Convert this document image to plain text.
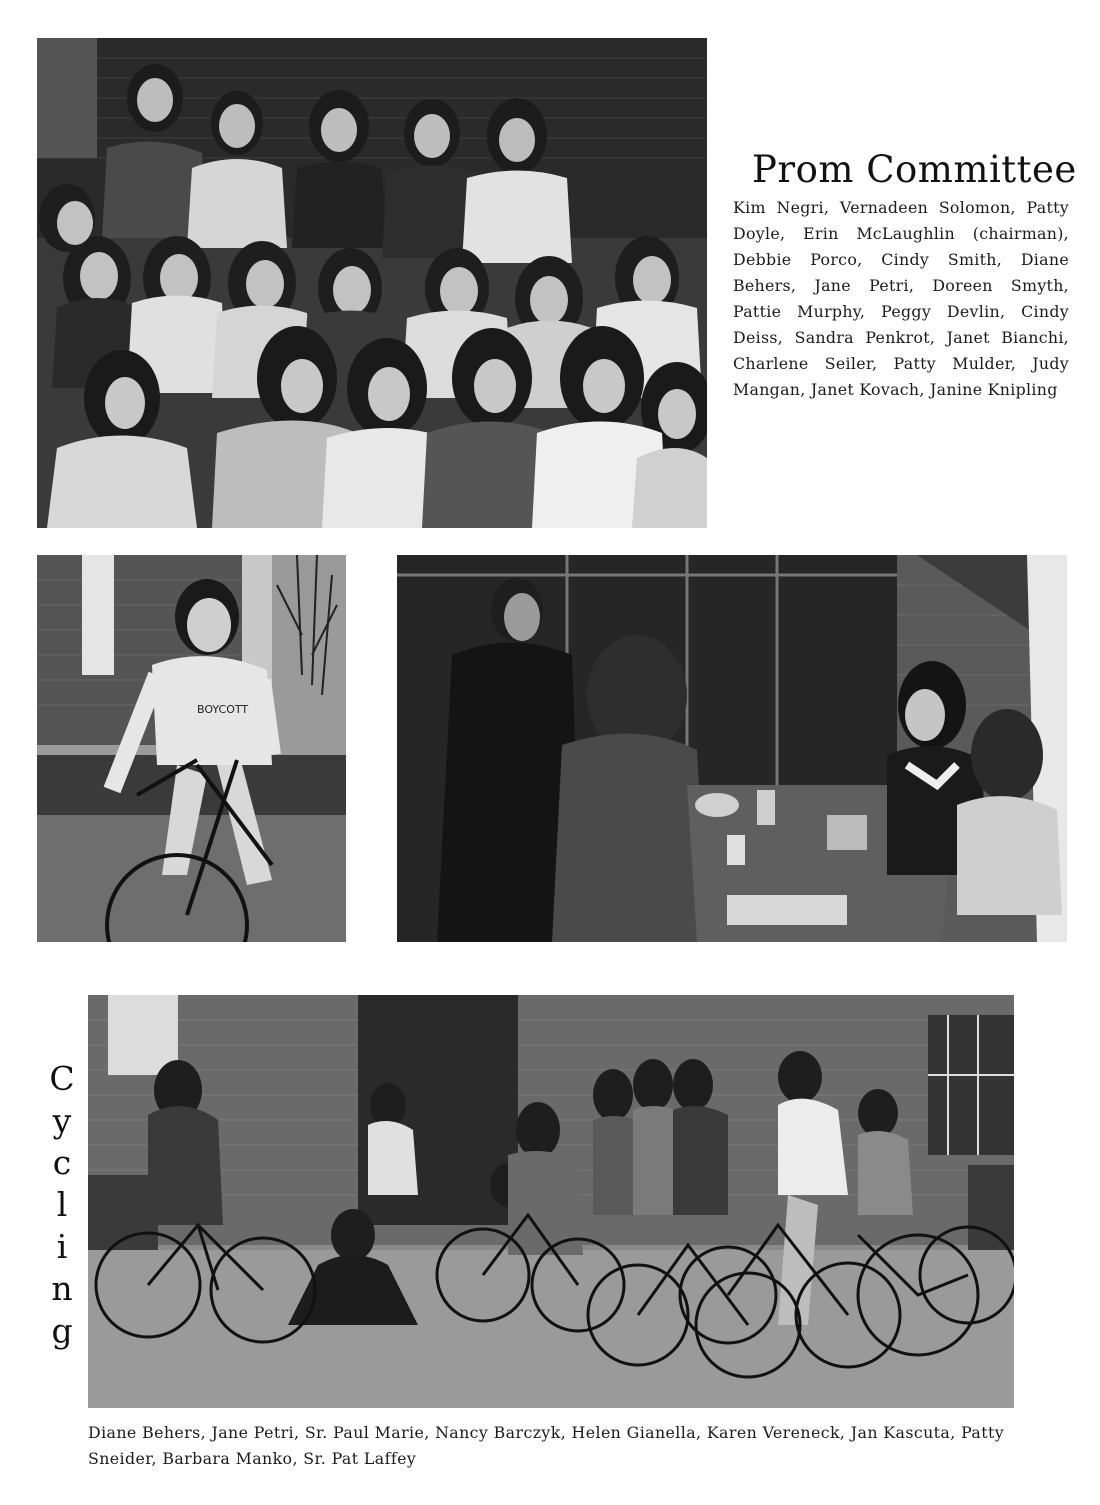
Prom Committee
Kim Negri, Vernadeen Solomon, Patty Doyle, Erin McLaughlin (chairman), Debbie Porco, Cindy Smith, Diane Behers, Jane Petri, Doreen Smyth, Pattie Murphy, Peggy Devlin, Cindy Deiss, Sandra Penkrot, Janet Bianchi, Charlene Seiler, Patty Mulder, Judy Mangan, Janet Kovach, Janine Knipling
BOYCOTT
C
y
c
l
i
n
g
Diane Behers, Jane Petri, Sr. Paul Marie, Nancy Barczyk, Helen Gianella, Karen Vereneck, Jan Kascuta, Patty Sneider, Barbara Manko, Sr. Pat Laffey
